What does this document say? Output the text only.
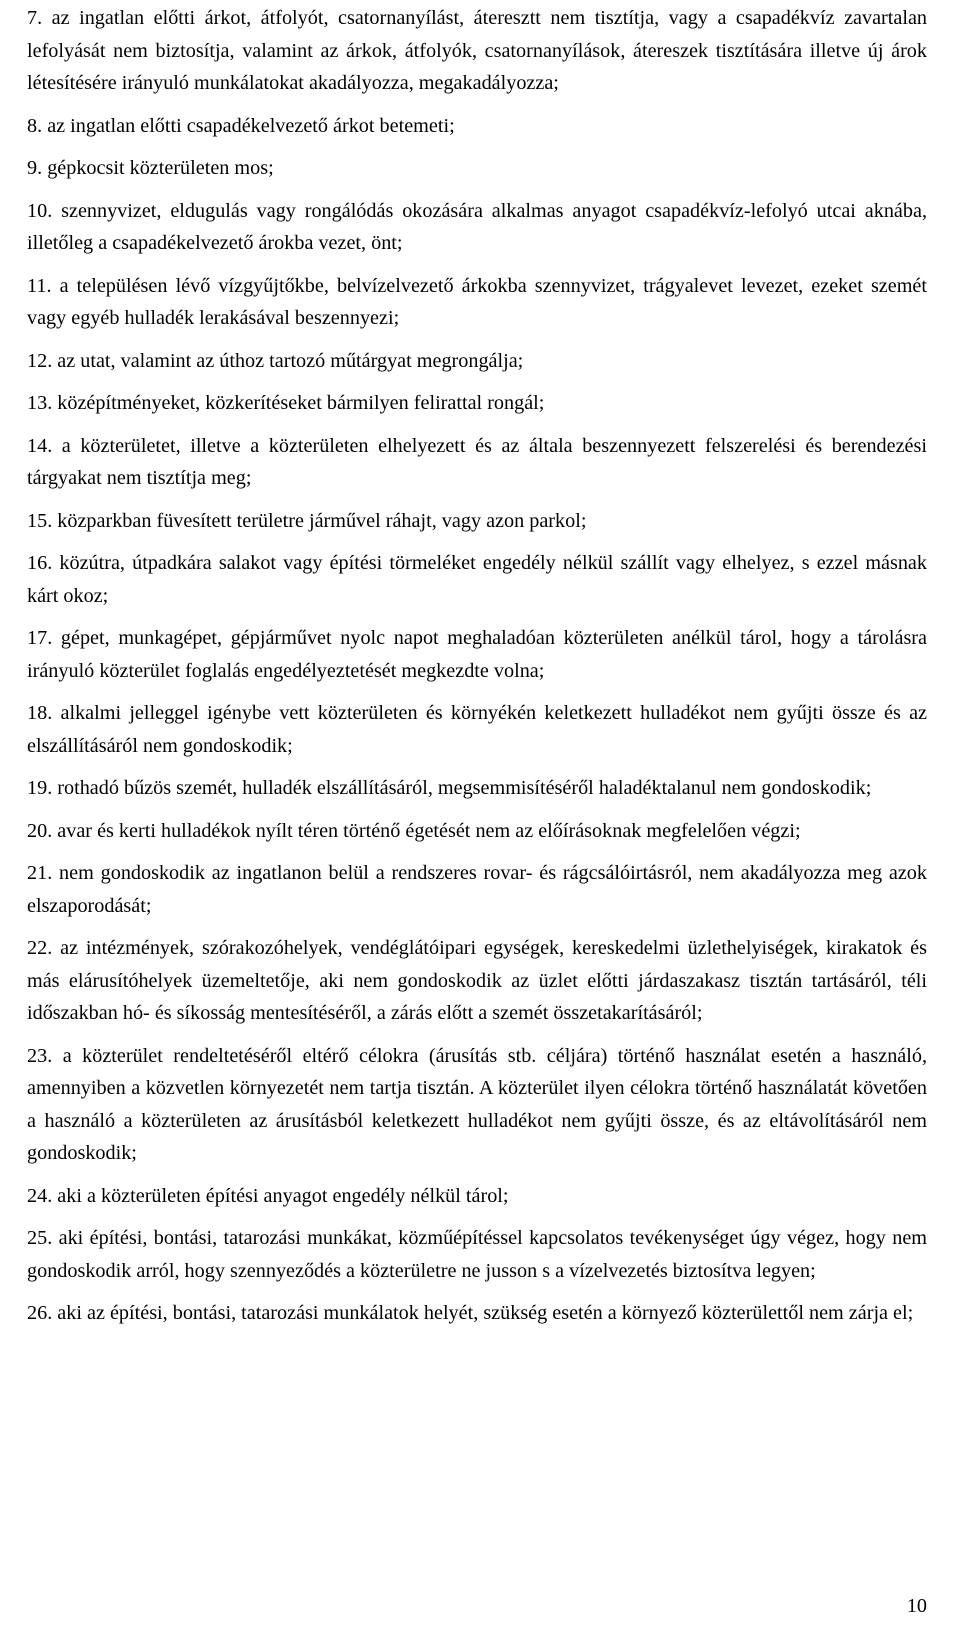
7. az ingatlan előtti árkot, átfolyót, csatornanyílást, áteresztt nem tisztítja, vagy a csapadékvíz zavartalan lefolyását nem biztosítja, valamint az árkok, átfolyók, csatornanyílások, átereszek tisztítására illetve új árok létesítésére irányuló munkálatokat akadályozza, megakadályozza;

8. az ingatlan előtti csapadékelvezető árkot betemeti;

9. gépkocsit közterületen mos;

10. szennyvizet, eldugulás vagy rongálódás okozására alkalmas anyagot csapadékvíz-lefolyó utcai aknába, illetőleg a csapadékelvezető árokba vezet, önt;

11. a településen lévő vízgyűjtőkbe, belvízelvezető árkokba szennyvizet, trágyalevet levezet, ezeket szemét vagy egyéb hulladék lerakásával beszennyezi;

12. az utat, valamint az úthoz tartozó műtárgyat megrongálja;

13. középítményeket, közkerítéseket bármilyen felirattal rongál;

14. a közterületet, illetve a közterületen elhelyezett és az általa beszennyezett felszerelési és berendezési tárgyakat nem tisztítja meg;

15. közparkban füvesített területre járművel ráhajt, vagy azon parkol;

16. közútra, útpadkára salakot vagy építési törmeléket engedély nélkül szállít vagy elhelyez, s ezzel másnak kárt okoz;

17. gépet, munkagépet, gépjárművet nyolc napot meghaladóan közterületen anélkül tárol, hogy a tárolásra irányuló közterület foglalás engedélyeztetését megkezdte volna;

18. alkalmi jelleggel igénybe vett közterületen és környékén keletkezett hulladékot nem gyűjti össze és az elszállításáról nem gondoskodik;

19. rothadó bűzös szemét, hulladék elszállításáról, megsemmisítéséről haladéktalanul nem gondoskodik;

20. avar és kerti hulladékok nyílt téren történő égetését nem az előírásoknak megfelelően végzi;

21. nem gondoskodik az ingatlanon belül a rendszeres rovar- és rágcsálóirtásról, nem akadályozza meg azok elszaporodását;

22. az intézmények, szórakozóhelyek, vendéglátóipari egységek, kereskedelmi üzlethelyiségek, kirakatok és más elárusítóhelyek üzemeltetője, aki nem gondoskodik az üzlet előtti járdaszakasz tisztán tartásáról, téli időszakban hó- és síkosság mentesítéséről, a zárás előtt a szemét összetakarításáról;

23. a közterület rendeltetéséről eltérő célokra (árusítás stb. céljára) történő használat esetén a használó, amennyiben a közvetlen környezetét nem tartja tisztán. A közterület ilyen célokra történő használatát követően a használó a közterületen az árusításból keletkezett hulladékot nem gyűjti össze, és az eltávolításáról nem gondoskodik;

24. aki a közterületen építési anyagot engedély nélkül tárol;

25. aki építési, bontási, tatarozási munkákat, közműépítéssel kapcsolatos tevékenységet úgy végez, hogy nem gondoskodik arról, hogy szennyeződés a közterületre ne jusson s a vízelvezetés biztosítva legyen;

26. aki az építési, bontási, tatarozási munkálatok helyét, szükség esetén a környező közterülettől nem zárja el;

10
